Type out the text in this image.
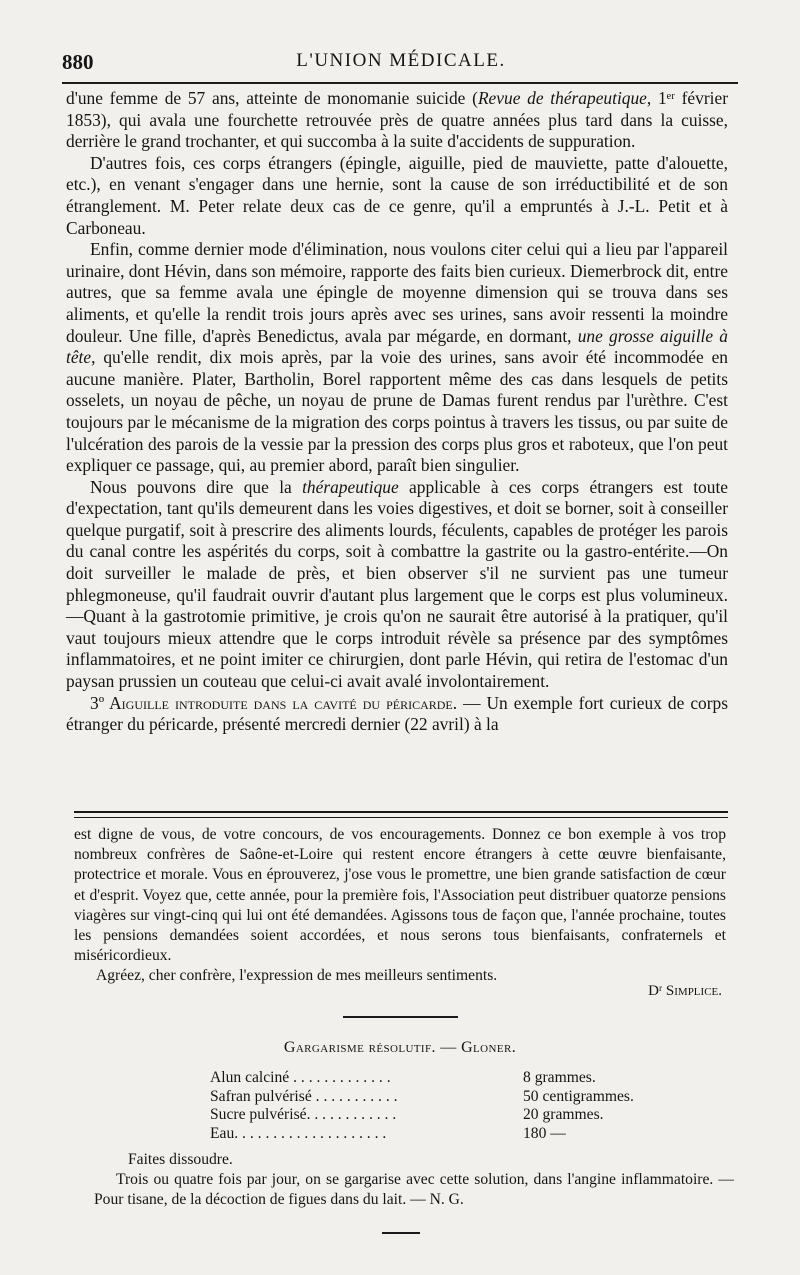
880	L'UNION MÉDICALE.

d'une femme de 57 ans, atteinte de monomanie suicide (Revue de thérapeutique, 1ᵉʳ février 1853), qui avala une fourchette retrouvée près de quatre années plus tard dans la cuisse, derrière le grand trochanter, et qui succomba à la suite d'accidents de suppuration.

D'autres fois, ces corps étrangers (épingle, aiguille, pied de mauviette, patte d'alouette, etc.), en venant s'engager dans une hernie, sont la cause de son irréductibilité et de son étranglement. M. Peter relate deux cas de ce genre, qu'il a empruntés à J.-L. Petit et à Carboneau.

Enfin, comme dernier mode d'élimination, nous voulons citer celui qui a lieu par l'appareil urinaire, dont Hévin, dans son mémoire, rapporte des faits bien curieux. Diemerbrock dit, entre autres, que sa femme avala une épingle de moyenne dimension qui se trouva dans ses aliments, et qu'elle la rendit trois jours après avec ses urines, sans avoir ressenti la moindre douleur. Une fille, d'après Benedictus, avala par mégarde, en dormant, une grosse aiguille à tête, qu'elle rendit, dix mois après, par la voie des urines, sans avoir été incommodée en aucune manière. Plater, Bartholin, Borel rapportent même des cas dans lesquels de petits osselets, un noyau de pêche, un noyau de prune de Damas furent rendus par l'urèthre. C'est toujours par le mécanisme de la migration des corps pointus à travers les tissus, ou par suite de l'ulcération des parois de la vessie par la pression des corps plus gros et raboteux, que l'on peut expliquer ce passage, qui, au premier abord, paraît bien singulier.

Nous pouvons dire que la thérapeutique applicable à ces corps étrangers est toute d'expectation, tant qu'ils demeurent dans les voies digestives, et doit se borner, soit à conseiller quelque purgatif, soit à prescrire des aliments lourds, féculents, capables de protéger les parois du canal contre les aspérités du corps, soit à combattre la gastrite ou la gastro-entérite.—On doit surveiller le malade de près, et bien observer s'il ne survient pas une tumeur phlegmoneuse, qu'il faudrait ouvrir d'autant plus largement que le corps est plus volumineux.—Quant à la gastrotomie primitive, je crois qu'on ne saurait être autorisé à la pratiquer, qu'il vaut toujours mieux attendre que le corps introduit révèle sa présence par des symptômes inflammatoires, et ne point imiter ce chirurgien, dont parle Hévin, qui retira de l'estomac d'un paysan prussien un couteau que celui-ci avait avalé involontairement.

3º Aiguille introduite dans la cavité du péricarde. — Un exemple fort curieux de corps étranger du péricarde, présenté mercredi dernier (22 avril) à la

est digne de vous, de votre concours, de vos encouragements. Donnez ce bon exemple à vos trop nombreux confrères de Saône-et-Loire qui restent encore étrangers à cette œuvre bienfaisante, protectrice et morale. Vous en éprouverez, j'ose vous le promettre, une bien grande satisfaction de cœur et d'esprit. Voyez que, cette année, pour la première fois, l'Association peut distribuer quatorze pensions viagères sur vingt-cinq qui lui ont été demandées. Agissons tous de façon que, l'année prochaine, toutes les pensions demandées soient accordées, et nous serons tous bienfaisants, confraternels et miséricordieux.

Agréez, cher confrère, l'expression de mes meilleurs sentiments.

Dʳ Simplice.
Gargarisme résolutif. — Gloner.
Alun calciné . . . . . . . . . . . . .	8 grammes.
Safran pulvérisé . . . . . . . . . . .	50 centigrammes.
Sucre pulvérisé. . . . . . . . . . . .	20 grammes.
Eau. . . . . . . . . . . . . . . . . . . .	180 —
Faites dissoudre.

Trois ou quatre fois par jour, on se gargarise avec cette solution, dans l'angine inflammatoire. — Pour tisane, de la décoction de figues dans du lait. — N. G.
